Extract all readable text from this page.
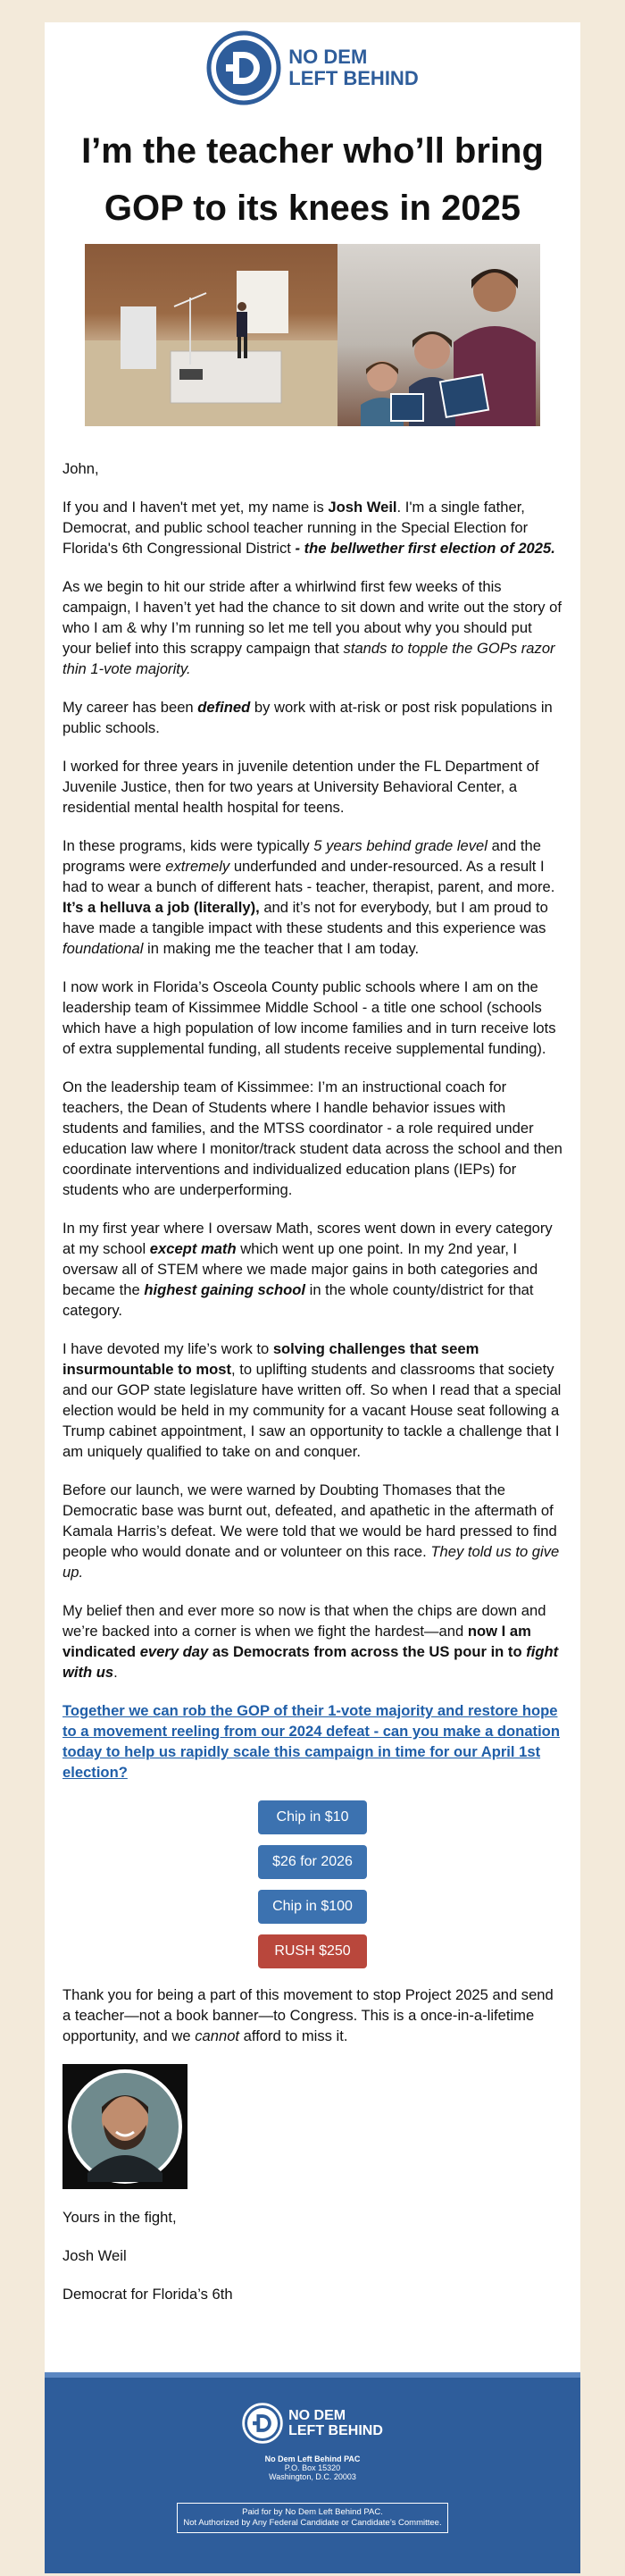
NO DEM
LEFT BEHIND
I’m the teacher who’ll bring GOP to its knees in 2025

John,

If you and I haven't met yet, my name is Josh Weil. I'm a single father, Democrat, and public school teacher running in the Special Election for Florida's 6th Congressional District - the bellwether first election of 2025.

As we begin to hit our stride after a whirlwind first few weeks of this campaign, I haven’t yet had the chance to sit down and write out the story of who I am & why I’m running so let me tell you about why you should put your belief into this scrappy campaign that stands to topple the GOPs razor thin 1-vote majority.

My career has been defined by work with at-risk or post risk populations in public schools.

I worked for three years in juvenile detention under the FL Department of Juvenile Justice, then for two years at University Behavioral Center, a residential mental health hospital for teens.

In these programs, kids were typically 5 years behind grade level and the programs were extremely underfunded and under-resourced. As a result I had to wear a bunch of different hats - teacher, therapist, parent, and more. It’s a helluva a job (literally), and it’s not for everybody, but I am proud to have made a tangible impact with these students and this experience was foundational in making me the teacher that I am today.

I now work in Florida’s Osceola County public schools where I am on the leadership team of Kissimmee Middle School - a title one school (schools which have a high population of low income families and in turn receive lots of extra supplemental funding, all students receive supplemental funding).

On the leadership team of Kissimmee: I’m an instructional coach for teachers, the Dean of Students where I handle behavior issues with students and families, and the MTSS coordinator - a role required under education law where I monitor/track student data across the school and then coordinate interventions and individualized education plans (IEPs) for students who are underperforming.

In my first year where I oversaw Math, scores went down in every category at my school except math which went up one point. In my 2nd year, I oversaw all of STEM where we made major gains in both categories and became the highest gaining school in the whole county/district for that category.

I have devoted my life’s work to solving challenges that seem insurmountable to most, to uplifting students and classrooms that society and our GOP state legislature have written off. So when I read that a special election would be held in my community for a vacant House seat following a Trump cabinet appointment, I saw an opportunity to tackle a challenge that I am uniquely qualified to take on and conquer.

Before our launch, we were warned by Doubting Thomases that the Democratic base was burnt out, defeated, and apathetic in the aftermath of Kamala Harris’s defeat. We were told that we would be hard pressed to find people who would donate and or volunteer on this race. They told us to give up.

My belief then and ever more so now is that when the chips are down and we’re backed into a corner is when we fight the hardest—and now I am vindicated every day as Democrats from across the US pour in to fight with us.

Together we can rob the GOP of their 1-vote majority and restore hope to a movement reeling from our 2024 defeat - can you make a donation today to help us rapidly scale this campaign in time for our April 1st election?

Chip in $10
$26 for 2026
Chip in $100
RUSH $250

Thank you for being a part of this movement to stop Project 2025 and send a teacher—not a book banner—to Congress. This is a once-in-a-lifetime opportunity, and we cannot afford to miss it.

Yours in the fight,

Josh Weil

Democrat for Florida’s 6th

NO DEM
LEFT BEHIND
No Dem Left Behind PAC
P.O. Box 15320
Washington, D.C. 20003
Paid for by No Dem Left Behind PAC.
Not Authorized by Any Federal Candidate or Candidate’s Committee.
